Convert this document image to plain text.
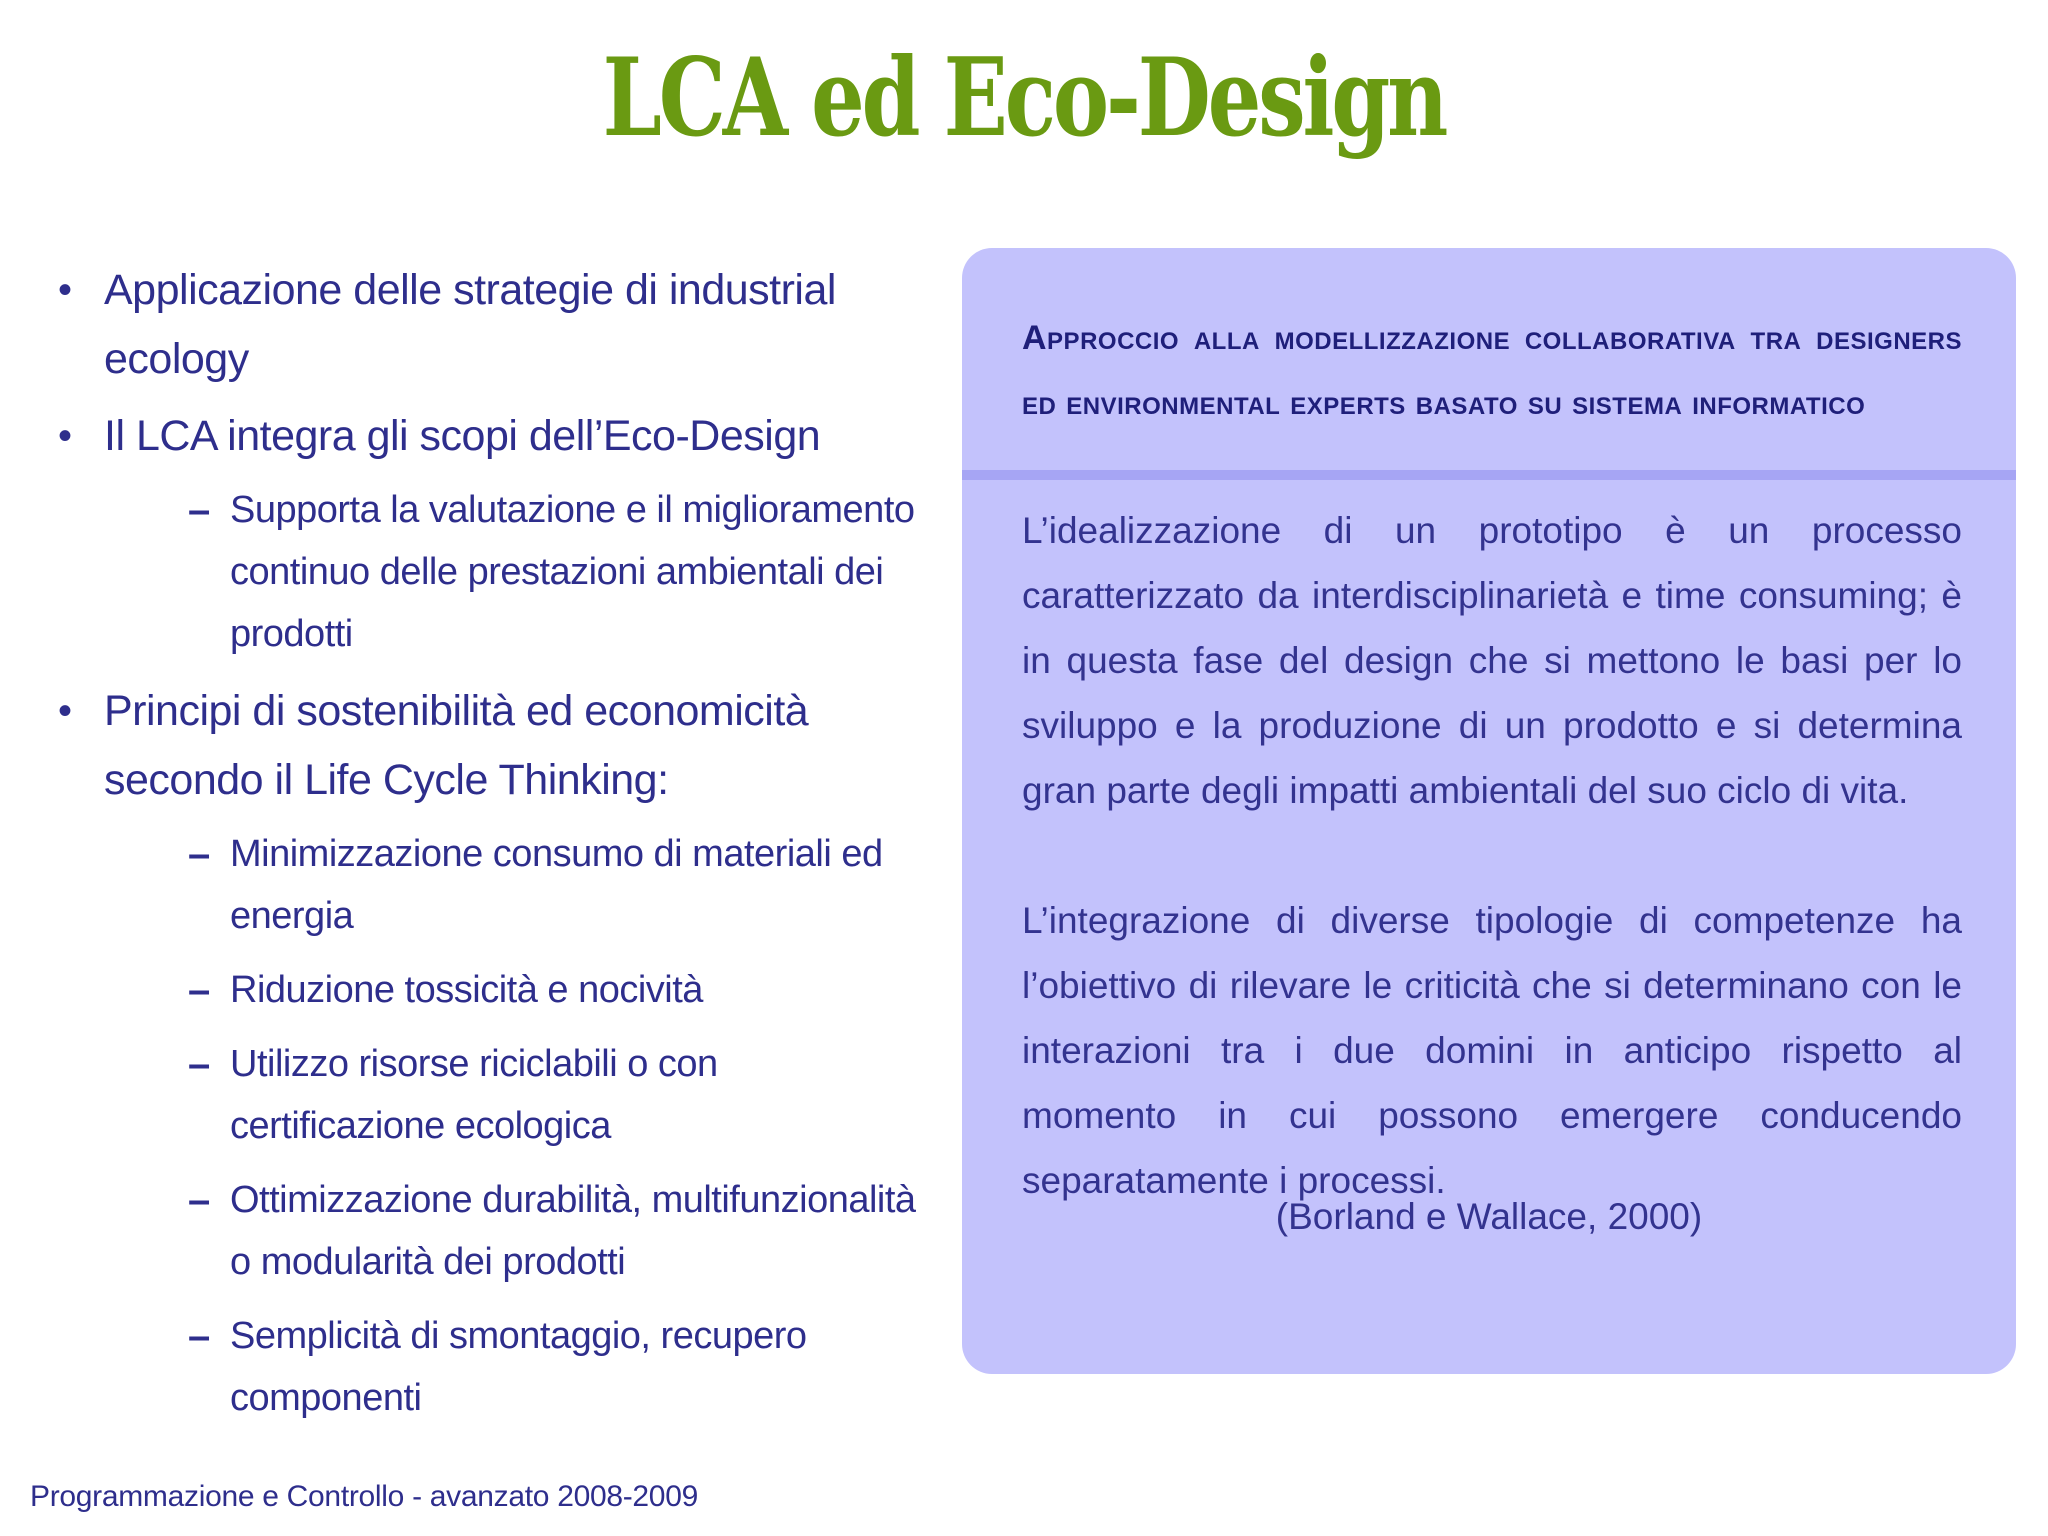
LCA ed Eco-Design
• Applicazione delle strategie di industrial ecology
• Il LCA integra gli scopi dell’Eco-Design
– Supporta la valutazione e il miglioramento continuo delle prestazioni ambientali dei prodotti
• Principi di sostenibilità ed economicità secondo il Life Cycle Thinking:
– Minimizzazione consumo di materiali ed energia
– Riduzione tossicità e nocività
– Utilizzo risorse riciclabili o con certificazione ecologica
– Ottimizzazione durabilità, multifunzionalità o modularità dei prodotti
– Semplicità di smontaggio, recupero componenti
Approccio alla modellizzazione collaborativa tra designers ed environmental experts basato su sistema informatico

L’idealizzazione di un prototipo è un processo caratterizzato da interdisciplinarietà e time consuming; è in questa fase del design che si mettono le basi per lo sviluppo e la produzione di un prodotto e si determina gran parte degli impatti ambientali del suo ciclo di vita.

L’integrazione di diverse tipologie di competenze ha l’obiettivo di rilevare le criticità che si determinano con le interazioni tra i due domini in anticipo rispetto al momento in cui possono emergere conducendo separatamente i processi.

(Borland e Wallace, 2000)
Programmazione e Controllo - avanzato 2008-2009
